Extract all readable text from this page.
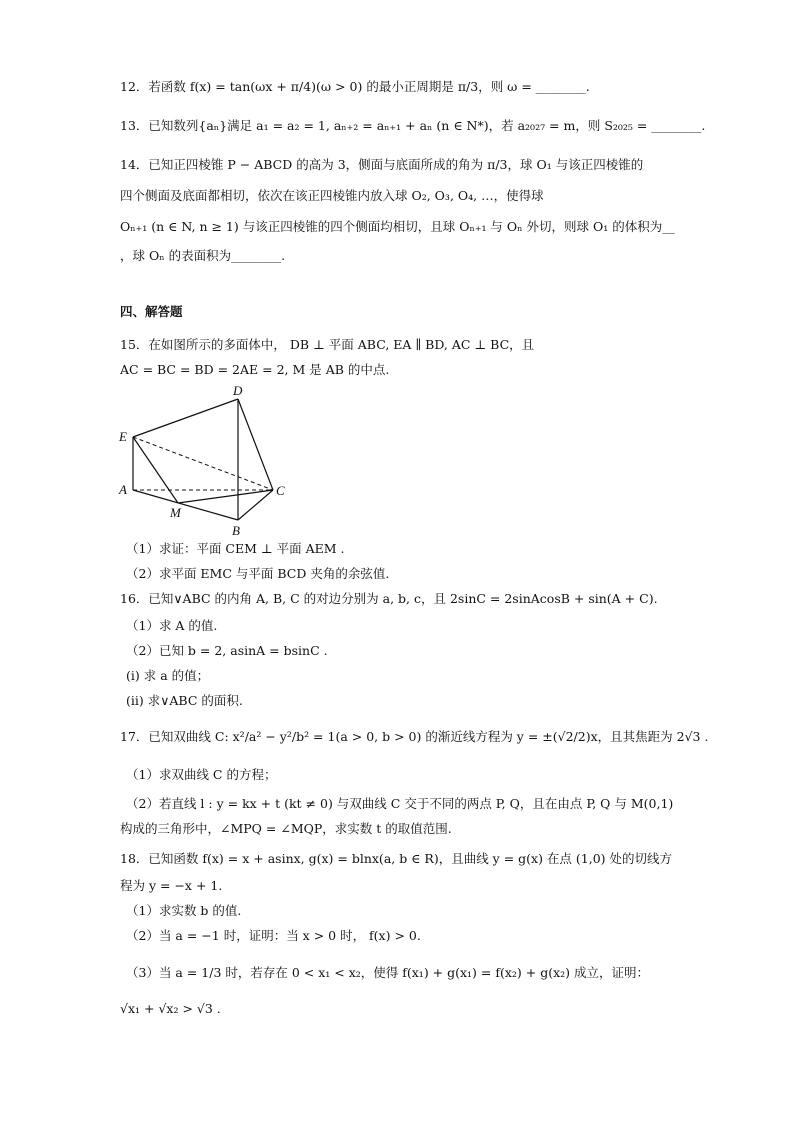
12．若函数 f(x) = tan(ωx + π/4)(ω > 0) 的最小正周期是 π/3，则 ω = ________.
13．已知数列{aₙ}满足 a₁ = a₂ = 1, aₙ₊₂ = aₙ₊₁ + aₙ (n ∈ N*)，若 a₂₀₂₇ = m，则 S₂₀₂₅ = ________.
14．已知正四棱锥 P − ABCD 的高为 3，侧面与底面所成的角为 π/3，球 O₁ 与该正四棱锥的
四个侧面及底面都相切，依次在该正四棱锥内放入球 O₂, O₃, O₄, …，使得球
Oₙ₊₁ (n ∈ N, n ≥ 1) 与该正四棱锥的四个侧面均相切，且球 Oₙ₊₁ 与 Oₙ 外切，则球 O₁ 的体积为__
，球 Oₙ 的表面积为________.
四、解答题
15．在如图所示的多面体中， DB ⊥ 平面 ABC, EA ∥ BD, AC ⊥ BC，且
AC = BC = BD = 2AE = 2, M 是 AB 的中点.
D
E
A	C
M
B
（1）求证：平面 CEM ⊥ 平面 AEM .
（2）求平面 EMC 与平面 BCD 夹角的余弦值.
16．已知∨ABC 的内角 A, B, C 的对边分别为 a, b, c，且 2sinC = 2sinAcosB + sin(A + C).
（1）求 A 的值.
（2）已知 b = 2, asinA = bsinC .
(i) 求 a 的值；
(ii) 求∨ABC 的面积.
17．已知双曲线 C: x²/a² − y²/b² = 1(a > 0, b > 0) 的渐近线方程为 y = ±(√2/2)x，且其焦距为 2√3 .
（1）求双曲线 C 的方程；
（2）若直线 l : y = kx + t (kt ≠ 0) 与双曲线 C 交于不同的两点 P, Q，且在由点 P, Q 与 M(0,1)
构成的三角形中，∠MPQ = ∠MQP，求实数 t 的取值范围.
18．已知函数 f(x) = x + asinx, g(x) = blnx(a, b ∈ R)，且曲线 y = g(x) 在点 (1,0) 处的切线方
程为 y = −x + 1.
（1）求实数 b 的值.
（2）当 a = −1 时，证明：当 x > 0 时， f(x) > 0.
（3）当 a = 1/3 时，若存在 0 < x₁ < x₂，使得 f(x₁) + g(x₁) = f(x₂) + g(x₂) 成立，证明：
√x₁ + √x₂ > √3 .
